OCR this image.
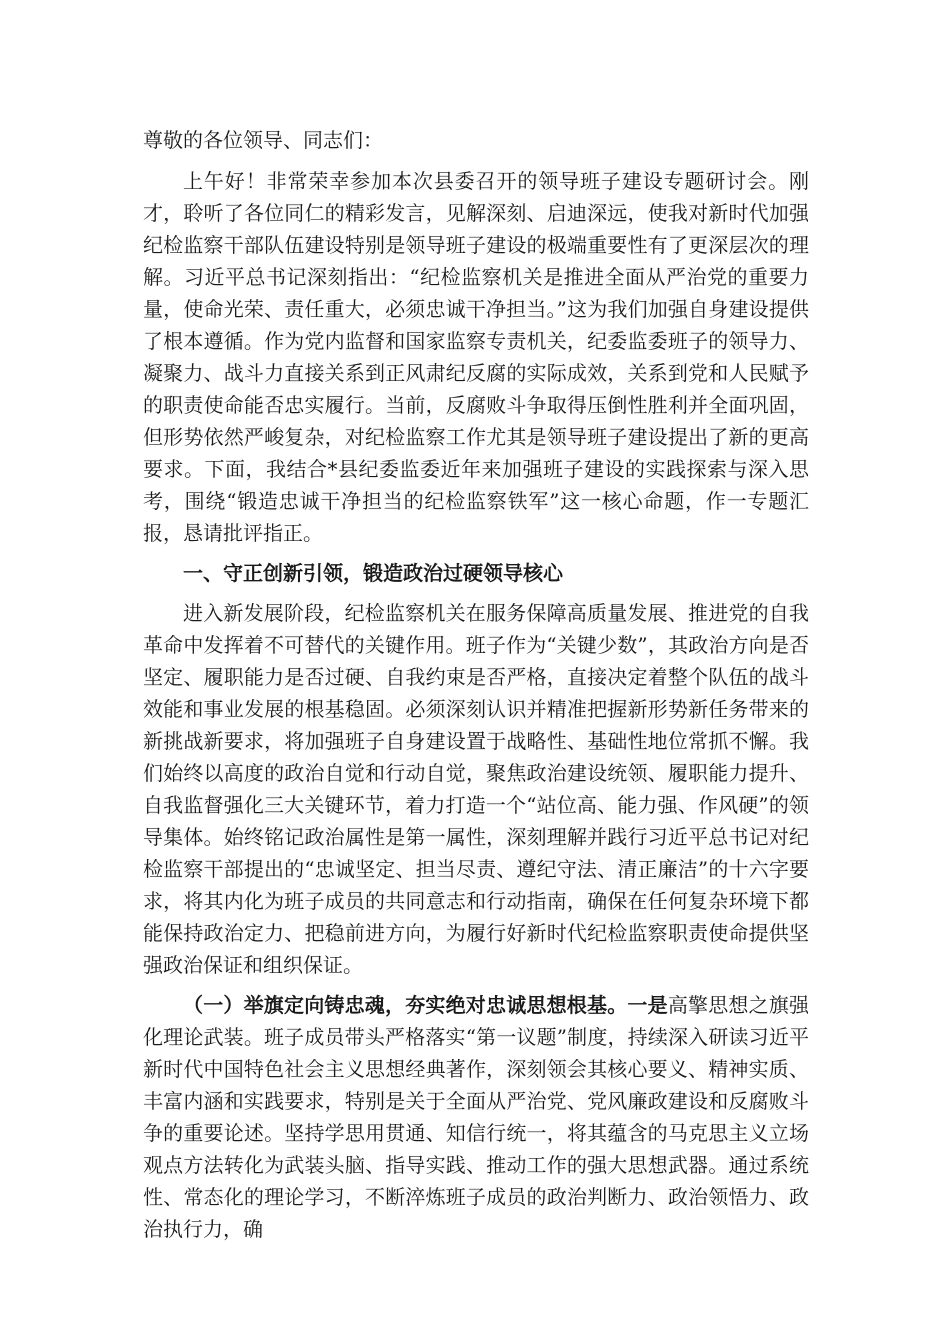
尊敬的各位领导、同志们：

上午好！非常荣幸参加本次县委召开的领导班子建设专题研讨会。刚才，聆听了各位同仁的精彩发言，见解深刻、启迪深远，使我对新时代加强纪检监察干部队伍建设特别是领导班子建设的极端重要性有了更深层次的理解。习近平总书记深刻指出：“纪检监察机关是推进全面从严治党的重要力量，使命光荣、责任重大，必须忠诚干净担当。”这为我们加强自身建设提供了根本遵循。作为党内监督和国家监察专责机关，纪委监委班子的领导力、凝聚力、战斗力直接关系到正风肃纪反腐的实际成效，关系到党和人民赋予的职责使命能否忠实履行。当前，反腐败斗争取得压倒性胜利并全面巩固，但形势依然严峻复杂，对纪检监察工作尤其是领导班子建设提出了新的更高要求。下面，我结合*县纪委监委近年来加强班子建设的实践探索与深入思考，围绕“锻造忠诚干净担当的纪检监察铁军”这一核心命题，作一专题汇报，恳请批评指正。

一、守正创新引领，锻造政治过硬领导核心

进入新发展阶段，纪检监察机关在服务保障高质量发展、推进党的自我革命中发挥着不可替代的关键作用。班子作为“关键少数”，其政治方向是否坚定、履职能力是否过硬、自我约束是否严格，直接决定着整个队伍的战斗效能和事业发展的根基稳固。必须深刻认识并精准把握新形势新任务带来的新挑战新要求，将加强班子自身建设置于战略性、基础性地位常抓不懈。我们始终以高度的政治自觉和行动自觉，聚焦政治建设统领、履职能力提升、自我监督强化三大关键环节，着力打造一个“站位高、能力强、作风硬”的领导集体。始终铭记政治属性是第一属性，深刻理解并践行习近平总书记对纪检监察干部提出的“忠诚坚定、担当尽责、遵纪守法、清正廉洁”的十六字要求，将其内化为班子成员的共同意志和行动指南，确保在任何复杂环境下都能保持政治定力、把稳前进方向，为履行好新时代纪检监察职责使命提供坚强政治保证和组织保证。

（一）举旗定向铸忠魂，夯实绝对忠诚思想根基。一是高擎思想之旗强化理论武装。班子成员带头严格落实“第一议题”制度，持续深入研读习近平新时代中国特色社会主义思想经典著作，深刻领会其核心要义、精神实质、丰富内涵和实践要求，特别是关于全面从严治党、党风廉政建设和反腐败斗争的重要论述。坚持学思用贯通、知信行统一，将其蕴含的马克思主义立场观点方法转化为武装头脑、指导实践、推动工作的强大思想武器。通过系统性、常态化的理论学习，不断淬炼班子成员的政治判断力、政治领悟力、政治执行力，确
